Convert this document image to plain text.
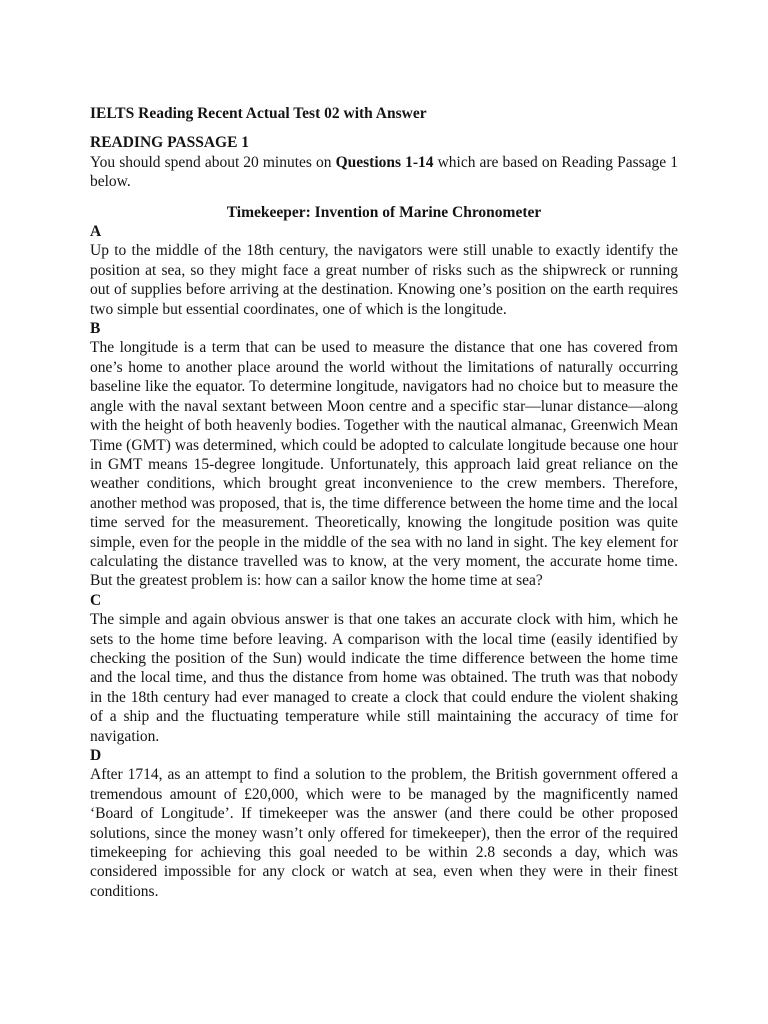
IELTS Reading Recent Actual Test 02 with Answer
READING PASSAGE 1

You should spend about 20 minutes on Questions 1-14 which are based on Reading Passage 1 below.

Timekeeper: Invention of Marine Chronometer
A

Up to the middle of the 18th century, the navigators were still unable to exactly identify the position at sea, so they might face a great number of risks such as the shipwreck or running out of supplies before arriving at the destination. Knowing one’s position on the earth requires two simple but essential coordinates, one of which is the longitude.

B

The longitude is a term that can be used to measure the distance that one has covered from one’s home to another place around the world without the limitations of naturally occurring baseline like the equator. To determine longitude, navigators had no choice but to measure the angle with the naval sextant between Moon centre and a specific star—lunar distance—along with the height of both heavenly bodies. Together with the nautical almanac, Greenwich Mean Time (GMT) was determined, which could be adopted to calculate longitude because one hour in GMT means 15-degree longitude. Unfortunately, this approach laid great reliance on the weather conditions, which brought great inconvenience to the crew members. Therefore, another method was proposed, that is, the time difference between the home time and the local time served for the measurement. Theoretically, knowing the longitude position was quite simple, even for the people in the middle of the sea with no land in sight. The key element for calculating the distance travelled was to know, at the very moment, the accurate home time. But the greatest problem is: how can a sailor know the home time at sea?

C

The simple and again obvious answer is that one takes an accurate clock with him, which he sets to the home time before leaving. A comparison with the local time (easily identified by checking the position of the Sun) would indicate the time difference between the home time and the local time, and thus the distance from home was obtained. The truth was that nobody in the 18th century had ever managed to create a clock that could endure the violent shaking of a ship and the fluctuating temperature while still maintaining the accuracy of time for navigation.

D

After 1714, as an attempt to find a solution to the problem, the British government offered a tremendous amount of £20,000, which were to be managed by the magnificently named ‘Board of Longitude’. If timekeeper was the answer (and there could be other proposed solutions, since the money wasn’t only offered for timekeeper), then the error of the required timekeeping for achieving this goal needed to be within 2.8 seconds a day, which was considered impossible for any clock or watch at sea, even when they were in their finest conditions.
